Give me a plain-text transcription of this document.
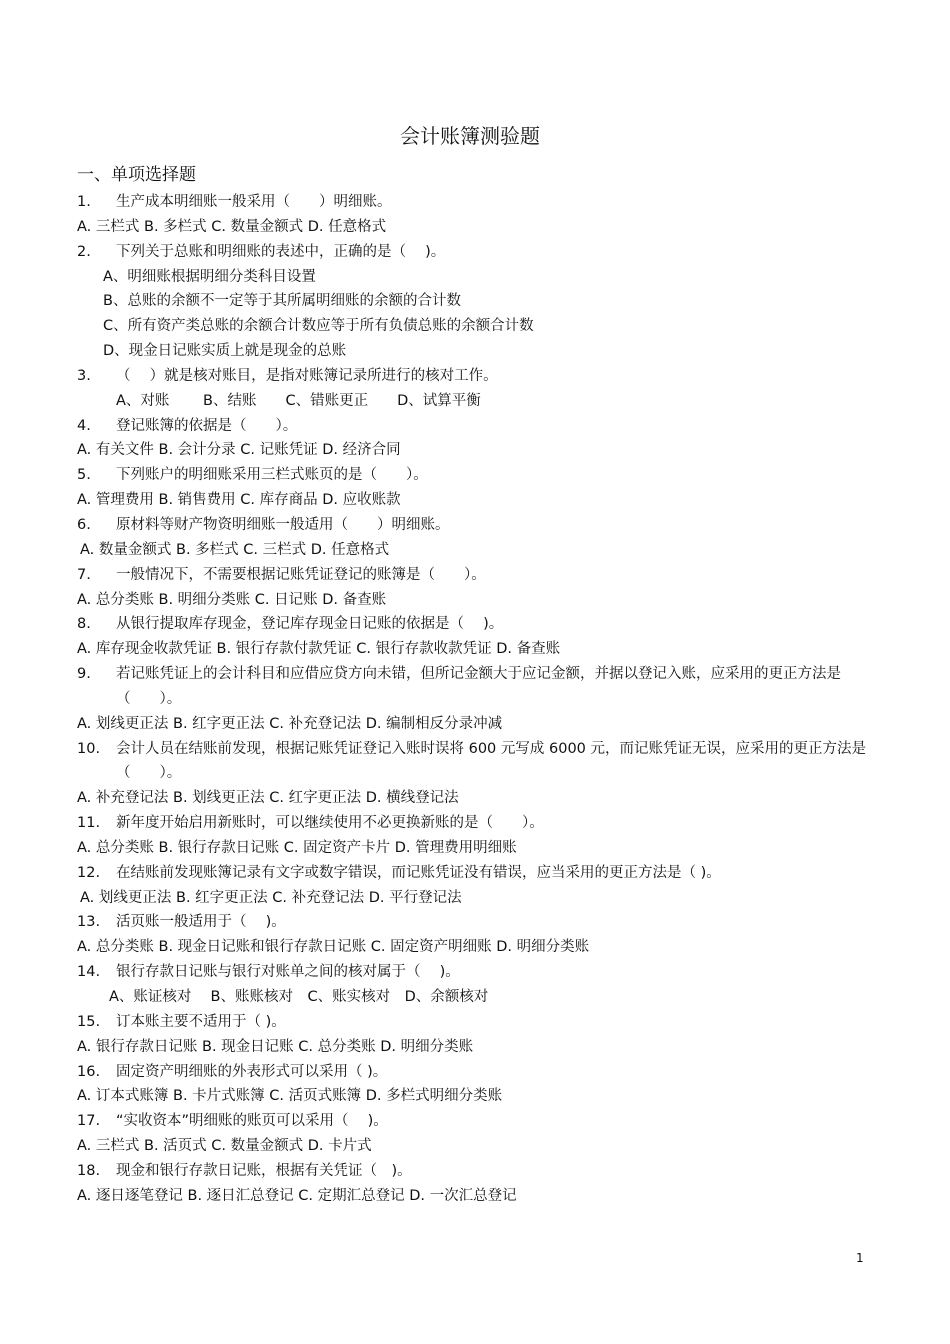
会计账簿测验题
一、单项选择题
1. 生产成本明细账一般采用（　　）明细账。
A. 三栏式 B. 多栏式 C. 数量金额式 D. 任意格式
2. 下列关于总账和明细账的表述中，正确的是（　 )。
A、明细账根据明细分类科目设置
B、总账的余额不一定等于其所属明细账的余额的合计数
C、所有资产类总账的余额合计数应等于所有负债总账的余额合计数
D、现金日记账实质上就是现金的总账
3. （　 ）就是核对账目，是指对账簿记录所进行的核对工作。
A、对账　　 B、结账　　C、错账更正　　D、试算平衡
4. 登记账簿的依据是（　　）。
A. 有关文件 B. 会计分录 C. 记账凭证 D. 经济合同
5. 下列账户的明细账采用三栏式账页的是（　　）。
A. 管理费用 B. 销售费用 C. 库存商品 D. 应收账款
6. 原材料等财产物资明细账一般适用（　　）明细账。
A. 数量金额式 B. 多栏式 C. 三栏式 D. 任意格式
7. 一般情况下，不需要根据记账凭证登记的账簿是（　　）。
A. 总分类账 B. 明细分类账 C. 日记账 D. 备查账
8. 从银行提取库存现金，登记库存现金日记账的依据是（　 )。
A. 库存现金收款凭证 B. 银行存款付款凭证 C. 银行存款收款凭证 D. 备查账
9. 若记账凭证上的会计科目和应借应贷方向未错，但所记金额大于应记金额，并据以登记入账，应采用的更正方法是（　　）。
A. 划线更正法 B. 红字更正法 C. 补充登记法 D. 编制相反分录冲减
10. 会计人员在结账前发现，根据记账凭证登记入账时误将 600 元写成 6000 元，而记账凭证无误，应采用的更正方法是（　　）。
A. 补充登记法 B. 划线更正法 C. 红字更正法 D. 横线登记法
11. 新年度开始启用新账时，可以继续使用不必更换新账的是（　　）。
A. 总分类账 B. 银行存款日记账 C. 固定资产卡片 D. 管理费用明细账
12. 在结账前发现账簿记录有文字或数字错误，而记账凭证没有错误，应当采用的更正方法是（ )。
A. 划线更正法 B. 红字更正法 C. 补充登记法 D. 平行登记法
13. 活页账一般适用于（　 )。
A. 总分类账 B. 现金日记账和银行存款日记账 C. 固定资产明细账 D. 明细分类账
14. 银行存款日记账与银行对账单之间的核对属于（　 )。
A、账证核对　 B、账账核对　C、账实核对　D、余额核对
15. 订本账主要不适用于（ )。
A. 银行存款日记账 B. 现金日记账 C. 总分类账 D. 明细分类账
16. 固定资产明细账的外表形式可以采用（ )。
A. 订本式账簿 B. 卡片式账簿 C. 活页式账簿 D. 多栏式明细分类账
17. “实收资本”明细账的账页可以采用（　 )。
A. 三栏式 B. 活页式 C. 数量金额式 D. 卡片式
18. 现金和银行存款日记账，根据有关凭证（　)。
A. 逐日逐笔登记 B. 逐日汇总登记 C. 定期汇总登记 D. 一次汇总登记
1
